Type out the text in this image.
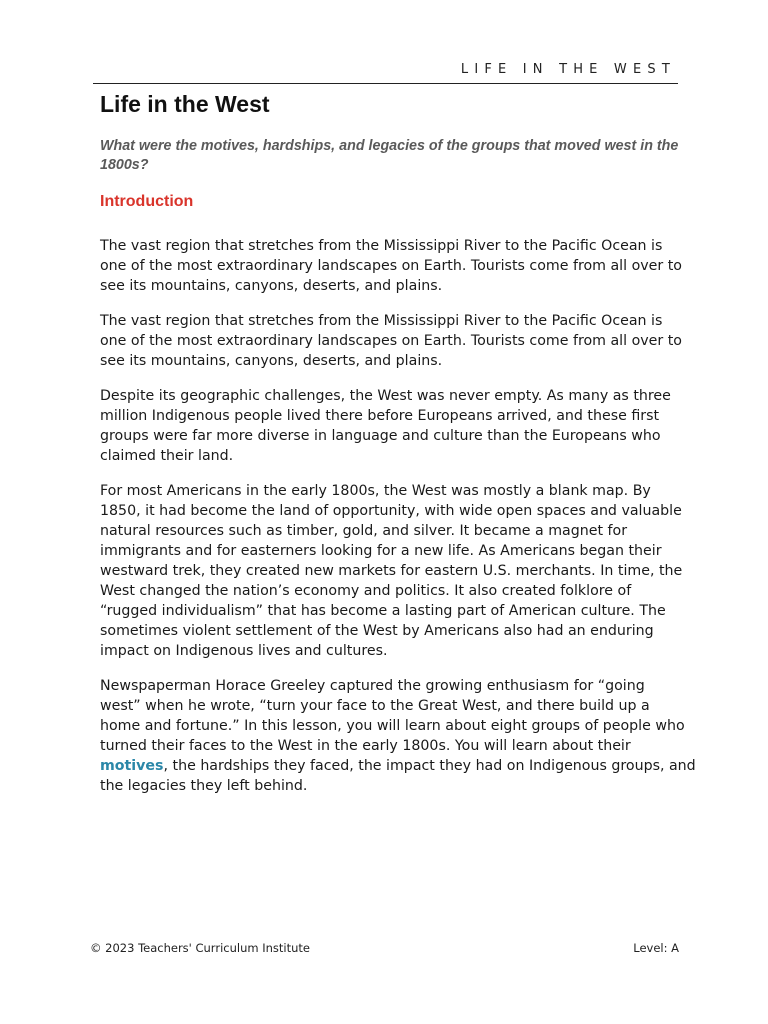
LIFE IN THE WEST
Life in the West
What were the motives, hardships, and legacies of the groups that moved west in the
1800s?
Introduction

The vast region that stretches from the Mississippi River to the Pacific Ocean is
one of the most extraordinary landscapes on Earth. Tourists come from all over to
see its mountains, canyons, deserts, and plains.

The vast region that stretches from the Mississippi River to the Pacific Ocean is
one of the most extraordinary landscapes on Earth. Tourists come from all over to
see its mountains, canyons, deserts, and plains.

Despite its geographic challenges, the West was never empty. As many as three
million Indigenous people lived there before Europeans arrived, and these first
groups were far more diverse in language and culture than the Europeans who
claimed their land.

For most Americans in the early 1800s, the West was mostly a blank map. By
1850, it had become the land of opportunity, with wide open spaces and valuable
natural resources such as timber, gold, and silver. It became a magnet for
immigrants and for easterners looking for a new life. As Americans began their
westward trek, they created new markets for eastern U.S. merchants. In time, the
West changed the nation’s economy and politics. It also created folklore of
“rugged individualism” that has become a lasting part of American culture. The
sometimes violent settlement of the West by Americans also had an enduring
impact on Indigenous lives and cultures.

Newspaperman Horace Greeley captured the growing enthusiasm for “going
west” when he wrote, “turn your face to the Great West, and there build up a
home and fortune.” In this lesson, you will learn about eight groups of people who
turned their faces to the West in the early 1800s. You will learn about their
motives, the hardships they faced, the impact they had on Indigenous groups, and
the legacies they left behind.

© 2023 Teachers' Curriculum Institute	Level: A
